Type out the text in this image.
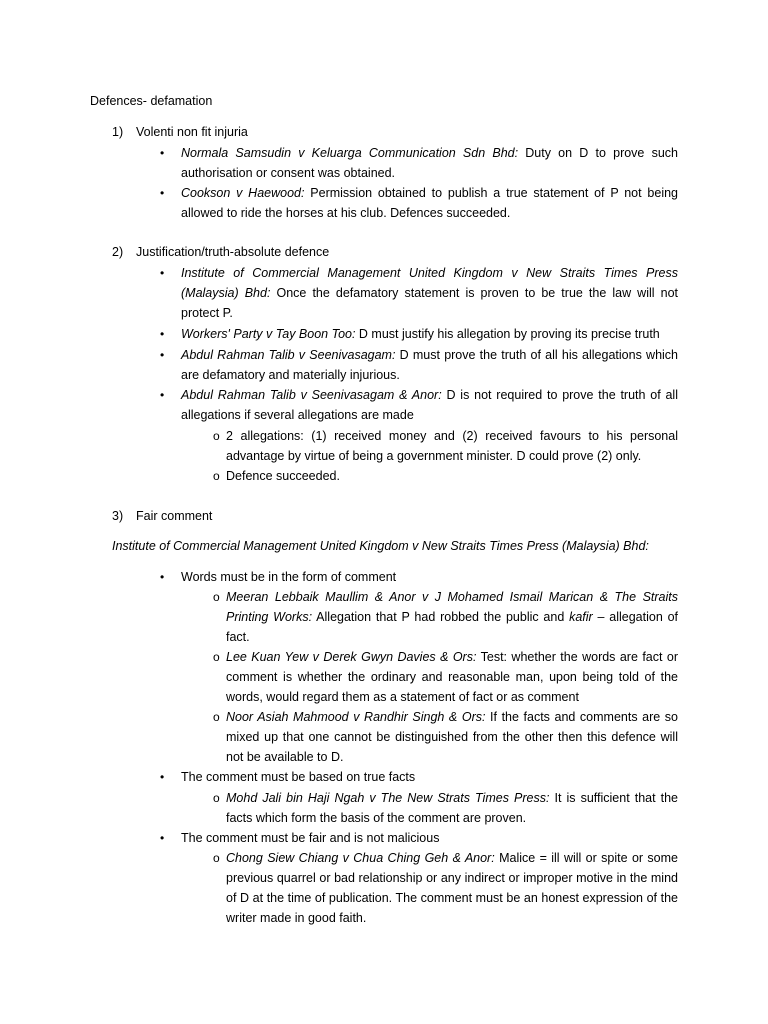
Defences- defamation
1) Volenti non fit injuria
•	Normala Samsudin v Keluarga Communication Sdn Bhd: Duty on D to prove such authorisation or consent was obtained.
•	Cookson v Haewood: Permission obtained to publish a true statement of P not being allowed to ride the horses at his club. Defences succeeded.
2) Justification/truth-absolute defence
•	Institute of Commercial Management United Kingdom v New Straits Times Press (Malaysia) Bhd: Once the defamatory statement is proven to be true the law will not protect P.
•	Workers' Party v Tay Boon Too: D must justify his allegation by proving its precise truth
•	Abdul Rahman Talib v Seenivasagam: D must prove the truth of all his allegations which are defamatory and materially injurious.
•	Abdul Rahman Talib v Seenivasagam & Anor: D is not required to prove the truth of all allegations if several allegations are made
o 2 allegations: (1) received money and (2) received favours to his personal advantage by virtue of being a government minister. D could prove (2) only.
o Defence succeeded.
3) Fair comment
Institute of Commercial Management United Kingdom v New Straits Times Press (Malaysia) Bhd:
•	Words must be in the form of comment
o Meeran Lebbaik Maullim & Anor v J Mohamed Ismail Marican & The Straits Printing Works: Allegation that P had robbed the public and kafir – allegation of fact.
o Lee Kuan Yew v Derek Gwyn Davies & Ors: Test: whether the words are fact or comment is whether the ordinary and reasonable man, upon being told of the words, would regard them as a statement of fact or as comment
o Noor Asiah Mahmood v Randhir Singh & Ors: If the facts and comments are so mixed up that one cannot be distinguished from the other then this defence will not be available to D.
•	The comment must be based on true facts
o Mohd Jali bin Haji Ngah v The New Strats Times Press: It is sufficient that the facts which form the basis of the comment are proven.
•	The comment must be fair and is not malicious
o Chong Siew Chiang v Chua Ching Geh & Anor: Malice = ill will or spite or some previous quarrel or bad relationship or any indirect or improper motive in the mind of D at the time of publication. The comment must be an honest expression of the writer made in good faith.
